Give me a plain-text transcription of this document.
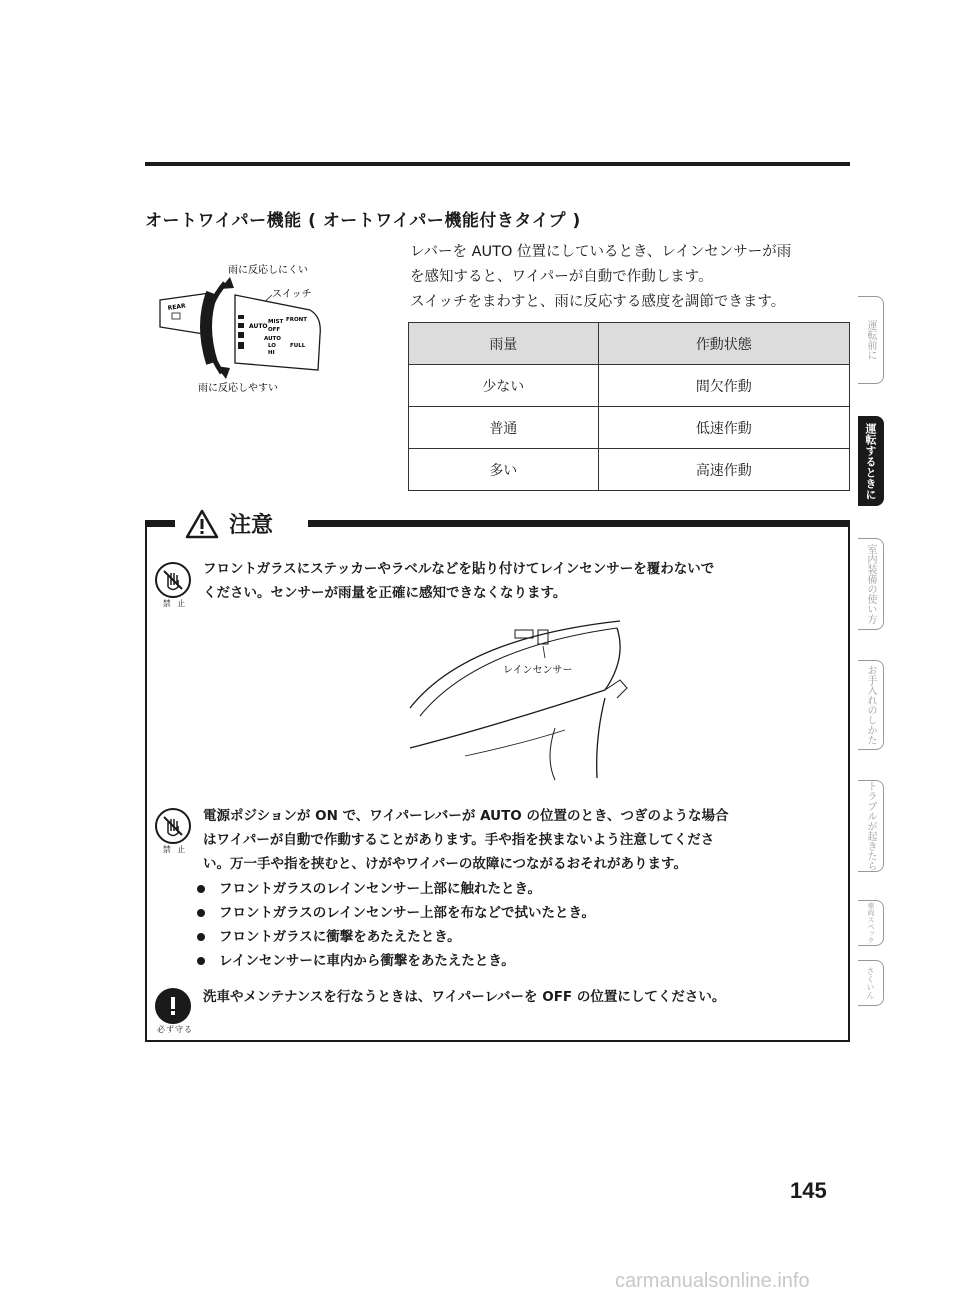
オートワイパー機能 ( オートワイパー機能付きタイプ )

レバーを AUTO 位置にしているとき、レインセンサーが雨

を感知すると、ワイパーが自動で作動します。

スイッチをまわすと、雨に反応する感度を調節できます。

雨に反応しにくい
スイッチ
雨に反応しやすい
REAR
AUTO
MIST FRONT
OFF
AUTO
LO
HI
FULL	雨量	作動状態
少ない	間欠作動
普通	低速作動
多い	高速作動
注意
禁 止

フロントガラスにステッカーやラベルなどを貼り付けてレインセンサーを覆わないで

ください。センサーが雨量を正確に感知できなくなります。

レインセンサー
禁 止

電源ポジションが ON で、ワイパーレバーが AUTO の位置のとき、つぎのような場合

はワイパーが自動で作動することがあります。手や指を挟まないよう注意してくださ

い。万一手や指を挟むと、けがやワイパーの故障につながるおそれがあります。

フロントガラスのレインセンサー上部に触れたとき。
フロントガラスのレインセンサー上部を布などで拭いたとき。
フロントガラスに衝撃をあたえたとき。
レインセンサーに車内から衝撃をあたえたとき。
必ず守る

洗車やメンテナンスを行なうときは、ワイパーレバーを OFF の位置にしてください。

運転前に
運転するときに
室内装備の使い方
お手入れのしかた
トラブルが起きたら
車両スペック
さくいん
145
carmanualsonline.info
